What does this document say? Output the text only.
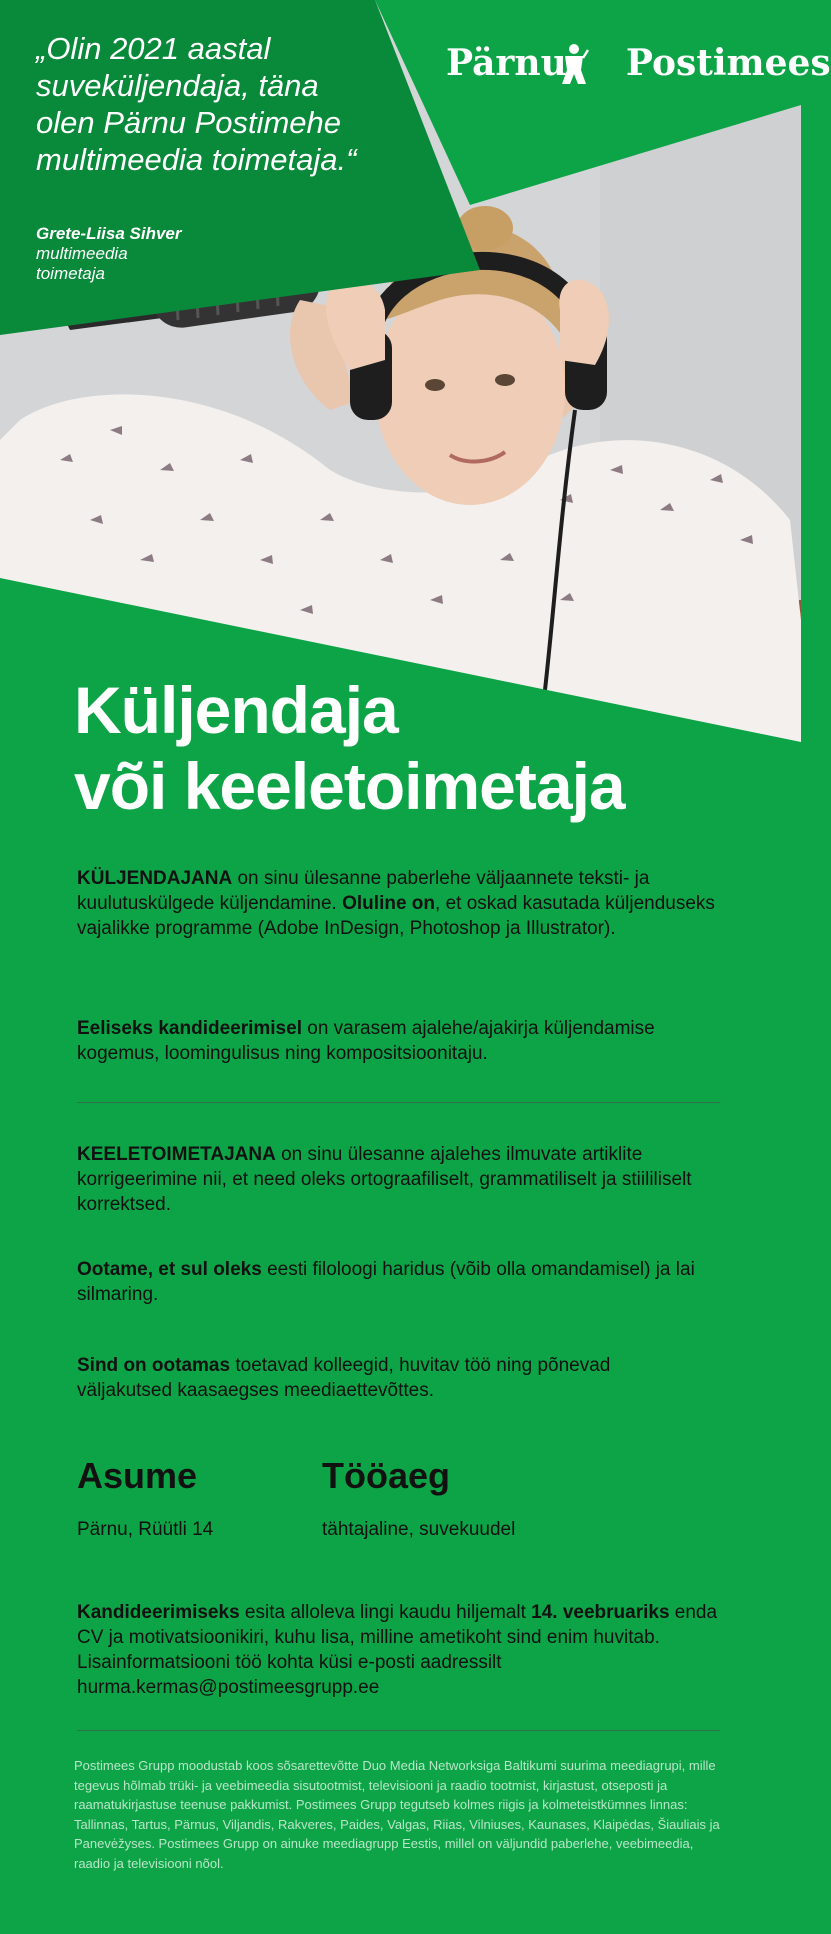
„Olin 2021 aastal
suvekülјendaja, täna
olen Pärnu Postimehe
multimeedia toimetaja.“

Grete-Liisa Sihver
multimeedia
toimetaja

Pärnu Postimees
Küljendaja
või keeletoimetaja

KÜLJENDAJANA on sinu ülesanne paberlehe väljaannete teksti- ja kuulutuskülgede küljendamine. Oluline on, et oskad kasutada küljenduseks vajalikke programme (Adobe InDesign, Photoshop ja Illustrator).

Eeliseks kandideerimisel on varasem ajalehe/ajakirja küljendamise kogemus, loomingulisus ning kompositsioonitaju.

KEELETOIMETAJANA on sinu ülesanne ajalehes ilmuvate artiklite korrigeerimine nii, et need oleks ortograafiliselt, grammatiliselt ja stiililiselt korrektsed.

Ootame, et sul oleks eesti filoloogi haridus (võib olla omandamisel) ja lai silmaring.

Sind on ootamas toetavad kolleegid, huvitav töö ning põnevad väljakutsed kaasaegses meediaettevõttes.

Asume

Pärnu, Rüütli 14

Tööaeg

tähtajaline, suvekuudel

Kandideerimiseks esita alloleva lingi kaudu hiljemalt 14. veebruariks enda CV ja motivatsioonikiri, kuhu lisa, milline ametikoht sind enim huvitab. Lisainformatsiooni töö kohta küsi e-posti aadressilt
hurma.kermas@postimeesgrupp.ee

Postimees Grupp moodustab koos sõsarettevõtte Duo Media Networksiga Baltikumi suurima meediagrupi, mille tegevus hõlmab trüki- ja veebimeedia sisutootmist, televisiooni ja raadio tootmist, kirjastust, otseposti ja raamatukirjastuse teenuse pakkumist. Postimees Grupp tegutseb kolmes riigis ja kolmeteistkümnes linnas: Tallinnas, Tartus, Pärnus, Viljandis, Rakveres, Paides, Valgas, Riias, Vilniuses, Kaunases, Klaipėdas, Šiauliais ja Panevėžyses. Postimees Grupp on ainuke meediagrupp Eestis, millel on väljundid paberlehe, veebimeedia, raadio ja televisiooni nõol.
